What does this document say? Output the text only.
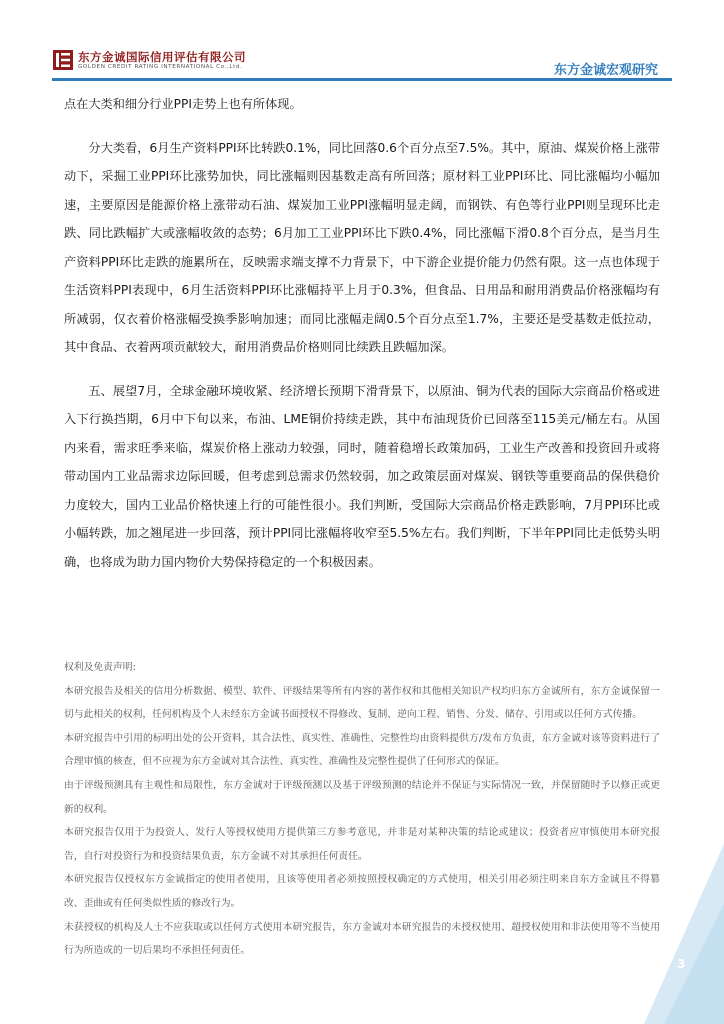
东方金诚国际信用评估有限公司
GOLDEN CREDIT RATING INTERNATIONAL Co.,Ltd.	东方金诚宏观研究

点在大类和细分行业PPI走势上也有所体现。

分大类看，6月生产资料PPI环比转跌0.1%，同比回落0.6个百分点至7.5%。其中，原油、煤炭价格上涨带动下，采掘工业PPI环比涨势加快，同比涨幅则因基数走高有所回落；原材料工业PPI环比、同比涨幅均小幅加速，主要原因是能源价格上涨带动石油、煤炭加工业PPI涨幅明显走阔，而钢铁、有色等行业PPI则呈现环比走跌、同比跌幅扩大或涨幅收敛的态势；6月加工工业PPI环比下跌0.4%，同比涨幅下滑0.8个百分点，是当月生产资料PPI环比走跌的施累所在，反映需求端支撑不力背景下，中下游企业提价能力仍然有限。这一点也体现于生活资料PPI表现中，6月生活资料PPI环比涨幅持平上月于0.3%，但食品、日用品和耐用消费品价格涨幅均有所减弱，仅衣着价格涨幅受换季影响加速；而同比涨幅走阔0.5个百分点至1.7%，主要还是受基数走低拉动，其中食品、衣着两项贡献较大，耐用消费品价格则同比续跌且跌幅加深。

五、展望7月，全球金融环境收紧、经济增长预期下滑背景下，以原油、铜为代表的国际大宗商品价格或进入下行换挡期，6月中下旬以来，布油、LME铜价持续走跌，其中布油现货价已回落至115美元/桶左右。从国内来看，需求旺季来临，煤炭价格上涨动力较强，同时，随着稳增长政策加码，工业生产改善和投资回升或将带动国内工业品需求边际回暖，但考虑到总需求仍然较弱，加之政策层面对煤炭、钢铁等重要商品的保供稳价力度较大，国内工业品价格快速上行的可能性很小。我们判断，受国际大宗商品价格走跌影响，7月PPI环比或小幅转跌，加之翘尾进一步回落，预计PPI同比涨幅将收窄至5.5%左右。我们判断，下半年PPI同比走低势头明确，也将成为助力国内物价大势保持稳定的一个积极因素。

权利及免责声明:

本研究报告及相关的信用分析数据、模型、软件、评级结果等所有内容的著作权和其他相关知识产权均归东方金诚所有，东方金诚保留一切与此相关的权利，任何机构及个人未经东方金诚书面授权不得修改、复制、逆向工程、销售、分发、储存、引用或以任何方式传播。

本研究报告中引用的标明出处的公开资料，其合法性、真实性、准确性、完整性均由资料提供方/发布方负责，东方金诚对该等资料进行了合理审慎的核查，但不应视为东方金诚对其合法性、真实性、准确性及完整性提供了任何形式的保证。

由于评级预测具有主观性和局限性，东方金诚对于评级预测以及基于评级预测的结论并不保证与实际情况一致，并保留随时予以修正或更新的权利。

本研究报告仅用于为投资人、发行人等授权使用方提供第三方参考意见，并非是对某种决策的结论或建议；投资者应审慎使用本研究报告，自行对投资行为和投资结果负责，东方金诚不对其承担任何责任。

本研究报告仅授权东方金诚指定的使用者使用，且该等使用者必须按照授权确定的方式使用，相关引用必须注明来自东方金诚且不得篡改、歪曲或有任何类似性质的修改行为。

未获授权的机构及人士不应获取或以任何方式使用本研究报告，东方金诚对本研究报告的未授权使用、超授权使用和非法使用等不当使用行为所造成的一切后果均不承担任何责任。

3
